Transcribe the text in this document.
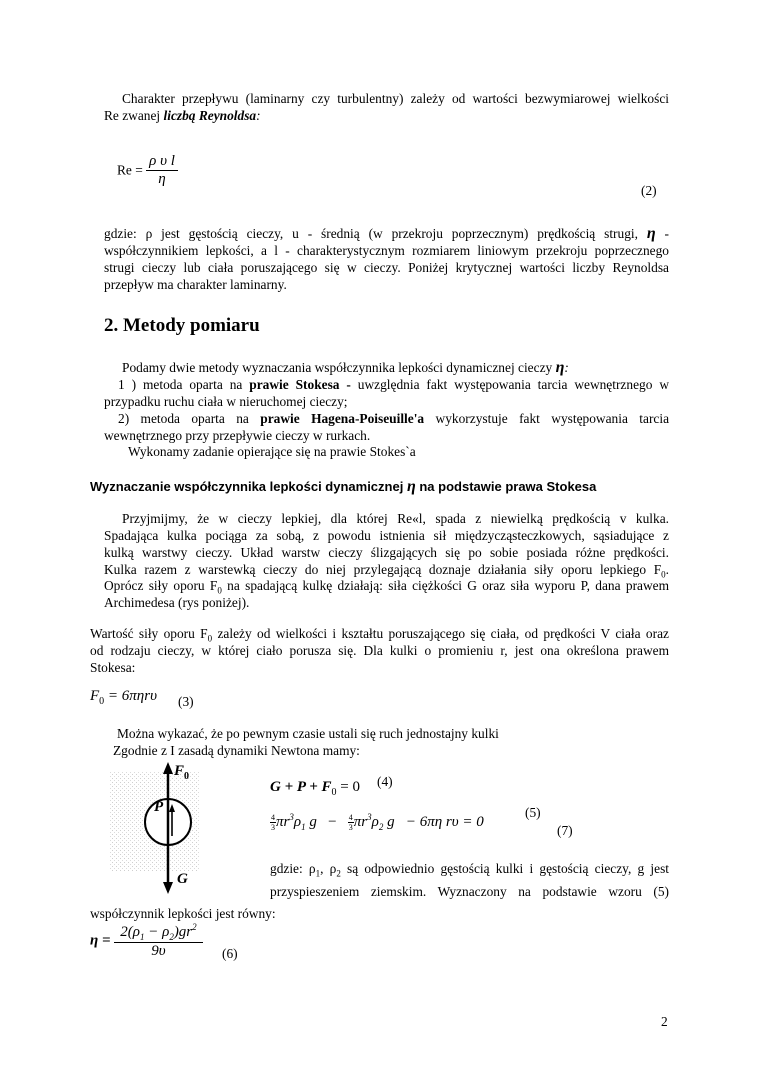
Charakter przepływu (laminarny czy turbulentny) zależy od wartości bezwymiarowej wielkości
Re zwanej liczbą Reynoldsa:
$Re = \frac{\text{ρ υ l}}{\eta}$
(2)
gdzie: ρ jest gęstością cieczy, u - średnią (w przekroju poprzecznym) prędkością strugi, η -
współczynnikiem lepkości, a l - charakterystycznym rozmiarem liniowym przekroju poprzecznego
strugi cieczy lub ciała poruszającego się w cieczy. Poniżej krytycznej wartości liczby Reynoldsa
przepływ ma charakter laminarny.
2. Metody pomiaru
Podamy dwie metody wyznaczania współczynnika lepkości dynamicznej cieczy η:
1 ) metoda oparta na prawie Stokesa - uwzględnia fakt występowania tarcia wewnętrznego w
przypadku ruchu ciała w nieruchomej cieczy;
2) metoda oparta na prawie Hagena-Poiseuille'a wykorzystuje fakt występowania tarcia
wewnętrznego przy przepływie cieczy w rurkach.
Wykonamy zadanie opierające się na prawie Stokes`a
Wyznaczanie współczynnika lepkości dynamicznej η na podstawie prawa Stokesa
Przyjmijmy, że w cieczy lepkiej, dla której Re«l, spada z niewielką prędkością v kulka.
Spadająca kulka pociąga za sobą, z powodu istnienia sił międzycząsteczkowych, sąsiadujące z
kulką warstwy cieczy. Układ warstw cieczy ślizgających się po sobie posiada różne prędkości.
Kulka razem z warstewką cieczy do niej przylegającą doznaje działania siły oporu lepkiego $F_0$.
Oprócz siły oporu $F_0$ na spadającą kulkę działają: siła ciężkości G oraz siła wyporu P, dana prawem
Archimedesa (rys poniżej).
Wartość siły oporu $F_0$ zależy od wielkości i kształtu poruszającego się ciała, od prędkości V ciała oraz
od rodzaju cieczy, w której ciało porusza się. Dla kulki o promieniu r, jest ona określona prawem
Stokesa:
$F_0 = 6\pi\eta r\upsilon$ (3)
Można wykazać, że po pewnym czasie ustali się ruch jednostajny kulki
Zgodnie z I zasadą dynamiki Newtona mamy:
$F_0$
P
G
$G + P + F_0 = 0$ (4)
$\frac{4}{3} \pi r^3\rho_1$ $g - \frac{4}{3} \pi r^3\rho_2$ g − 6πη rυ = 0
(5)
(7)
gdzie: $\rho_1$, $\rho_2$ są odpowiednio gęstością kulki i gęstością cieczy, g jest
przyspieszeniem ziemskim. Wyznaczony na podstawie wzoru (5)
współczynnik lepkości jest równy:
$\eta = \frac{2(\rho_1 - \rho_2)gr^2}{9\upsilon} (6)$
2
